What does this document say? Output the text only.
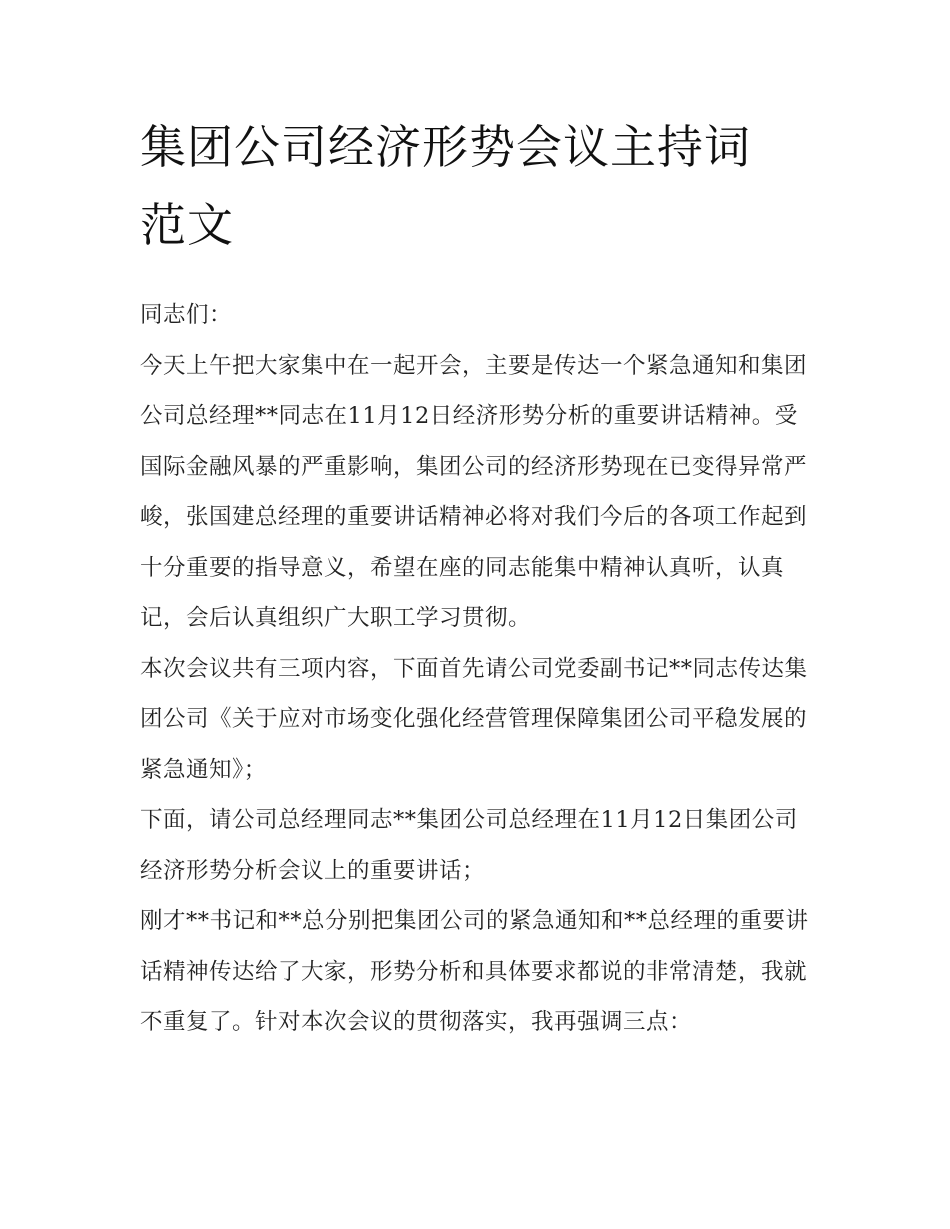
集团公司经济形势会议主持词
范文

同志们：

今天上午把大家集中在一起开会，主要是传达一个紧急通知和集团公司总经理**同志在11月12日经济形势分析的重要讲话精神。受国际金融风暴的严重影响，集团公司的经济形势现在已变得异常严峻，张国建总经理的重要讲话精神必将对我们今后的各项工作起到十分重要的指导意义，希望在座的同志能集中精神认真听，认真记，会后认真组织广大职工学习贯彻。

本次会议共有三项内容，下面首先请公司党委副书记**同志传达集团公司《关于应对市场变化强化经营管理保障集团公司平稳发展的紧急通知》；

下面，请公司总经理同志**集团公司总经理在11月12日集团公司经济形势分析会议上的重要讲话；

刚才**书记和**总分别把集团公司的紧急通知和**总经理的重要讲话精神传达给了大家，形势分析和具体要求都说的非常清楚，我就不重复了。针对本次会议的贯彻落实，我再强调三点：
